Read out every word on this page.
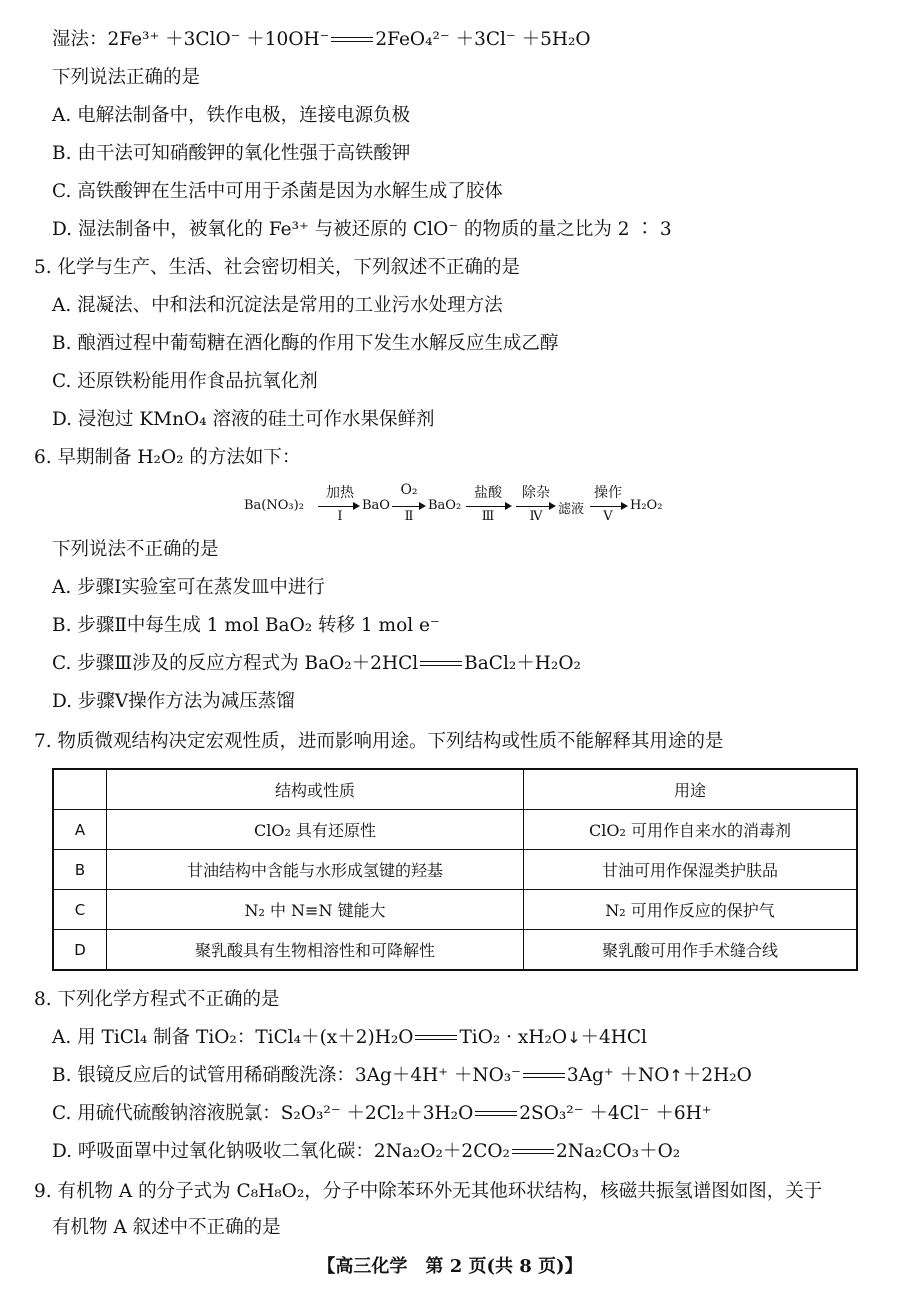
湿法：2Fe³⁺ ＋3ClO⁻ ＋10OH⁻ 2FeO₄²⁻ ＋3Cl⁻ ＋5H₂O
下列说法正确的是
A. 电解法制备中，铁作电极，连接电源负极
B. 由干法可知硝酸钾的氧化性强于高铁酸钾
C. 高铁酸钾在生活中可用于杀菌是因为水解生成了胶体
D. 湿法制备中，被氧化的 Fe³⁺ 与被还原的 ClO⁻ 的物质的量之比为 2 ∶ 3
5. 化学与生产、生活、社会密切相关，下列叙述不正确的是
A. 混凝法、中和法和沉淀法是常用的工业污水处理方法
B. 酿酒过程中葡萄糖在酒化酶的作用下发生水解反应生成乙醇
C. 还原铁粉能用作食品抗氧化剂
D. 浸泡过 KMnO₄ 溶液的硅土可作水果保鲜剂
6. 早期制备 H₂O₂ 的方法如下：
Ba(NO₃)₂
加热
Ⅰ
BaO
O₂
Ⅱ
BaO₂
盐酸
Ⅲ
除杂
Ⅳ	滤液
操作
Ⅴ
H₂O₂
下列说法不正确的是
A. 步骤Ⅰ实验室可在蒸发皿中进行
B. 步骤Ⅱ中每生成 1 mol BaO₂ 转移 1 mol e⁻
C. 步骤Ⅲ涉及的反应方程式为 BaO₂＋2HCl BaCl₂＋H₂O₂
D. 步骤Ⅴ操作方法为减压蒸馏
7. 物质微观结构决定宏观性质，进而影响用途。下列结构或性质不能解释其用途的是
	结构或性质	用途
A	ClO₂ 具有还原性	ClO₂ 可用作自来水的消毒剂
B	甘油结构中含能与水形成氢键的羟基	甘油可用作保湿类护肤品
C	N₂ 中 N≡N 键能大	N₂ 可用作反应的保护气
D	聚乳酸具有生物相溶性和可降解性	聚乳酸可用作手术缝合线
8. 下列化学方程式不正确的是
A. 用 TiCl₄ 制备 TiO₂：TiCl₄＋(x＋2)H₂O TiO₂ · xH₂O↓＋4HCl
B. 银镜反应后的试管用稀硝酸洗涤：3Ag＋4H⁺ ＋NO₃⁻ 3Ag⁺ ＋NO↑＋2H₂O
C. 用硫代硫酸钠溶液脱氯：S₂O₃²⁻ ＋2Cl₂＋3H₂O 2SO₃²⁻ ＋4Cl⁻ ＋6H⁺
D. 呼吸面罩中过氧化钠吸收二氧化碳：2Na₂O₂＋2CO₂ 2Na₂CO₃＋O₂
9. 有机物 A 的分子式为 C₈H₈O₂，分子中除苯环外无其他环状结构，核磁共振氢谱图如图，关于
有机物 A 叙述中不正确的是
【高三化学　第 2 页(共 8 页)】
